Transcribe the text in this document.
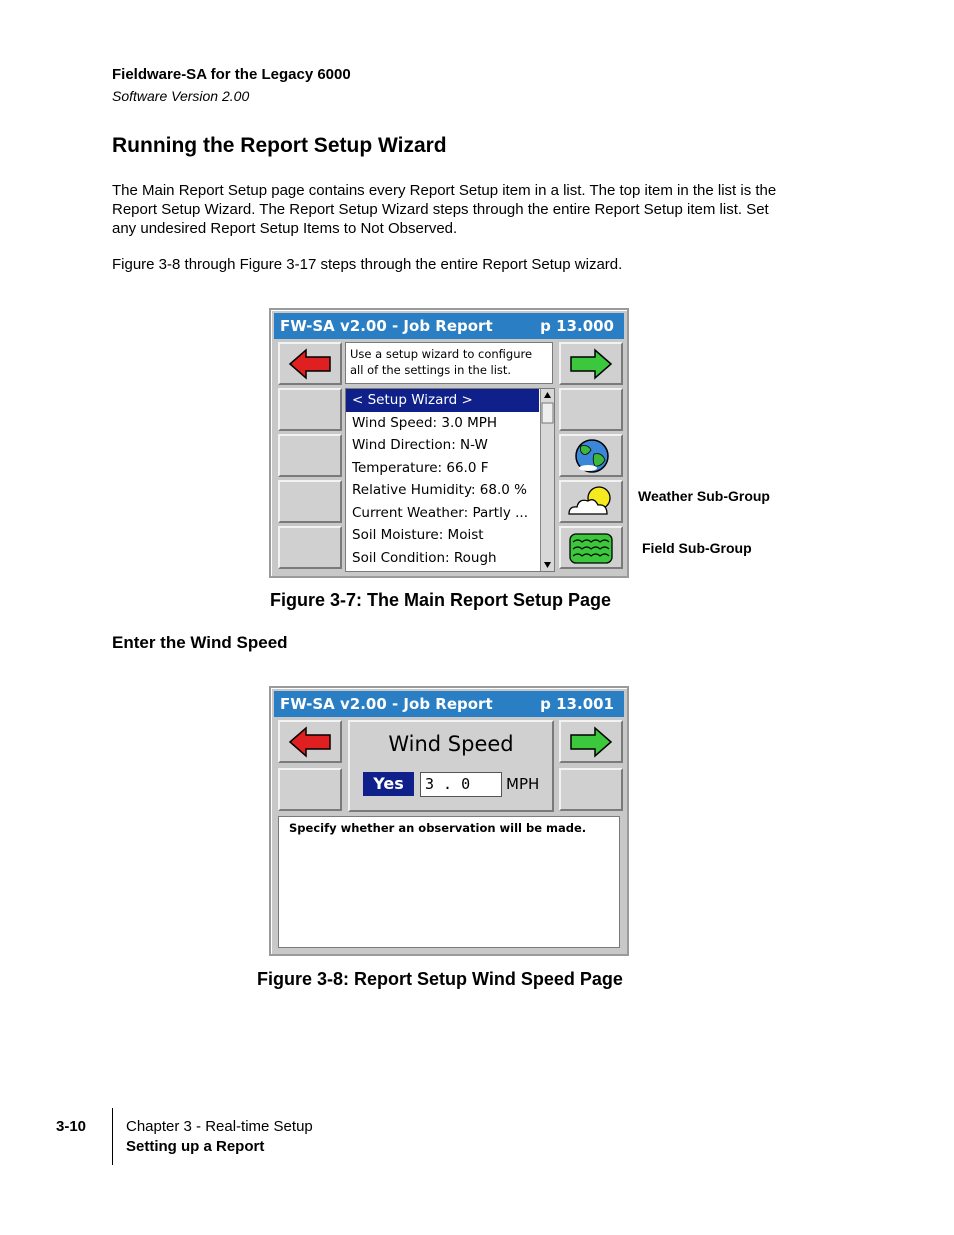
Fieldware-SA for the Legacy 6000
Software Version 2.00
Running the Report Setup Wizard
The Main Report Setup page contains every Report Setup item in a list. The top item in the list is the Report Setup Wizard. The Report Setup Wizard steps through the entire Report Setup item list. Set any undesired Report Setup Items to Not Observed.
Figure 3-8 through Figure 3-17 steps through the entire Report Setup wizard.
FW-SA v2.00 - Job Report	p 13.000
Use a setup wizard to configure all of the settings in the list.
< Setup Wizard >
Wind Speed: 3.0 MPH
Wind Direction: N-W
Temperature: 66.0 F
Relative Humidity: 68.0 %
Current Weather: Partly ...
Soil Moisture: Moist
Soil Condition: Rough
Weather Sub-Group
Field Sub-Group
Figure 3-7: The Main Report Setup Page
Enter the Wind Speed
FW-SA v2.00 - Job Report	p 13.001
Wind Speed
Yes	3 . 0	MPH
Specify whether an observation will be made.
Figure 3-8: Report Setup Wind Speed Page
3-10	Chapter 3 - Real-time Setup
Setting up a Report
